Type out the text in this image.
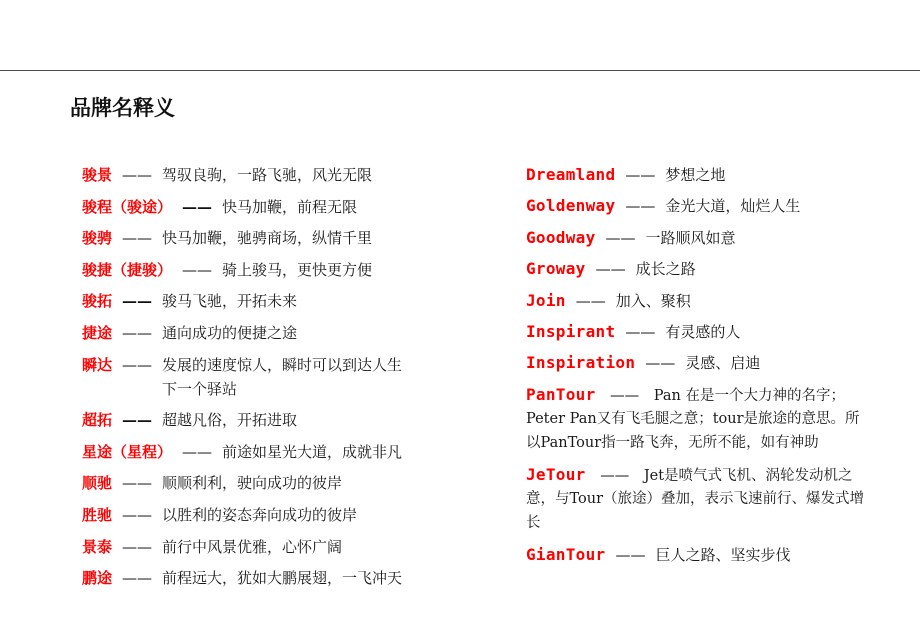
品牌名释义
骏景 —— 驾驭良驹，一路飞驰，风光无限
骏程（骏途） —— 快马加鞭，前程无限
骏骋 —— 快马加鞭，驰骋商场，纵情千里
骏捷（捷骏） —— 骑上骏马，更快更方便
骏拓 —— 骏马飞驰，开拓未来
捷途 —— 通向成功的便捷之途
瞬达 —— 发展的速度惊人，瞬时可以到达人生
下一个驿站
超拓 —— 超越凡俗，开拓进取
星途（星程） —— 前途如星光大道，成就非凡
顺驰 —— 顺顺利利，驶向成功的彼岸
胜驰 —— 以胜利的姿态奔向成功的彼岸
景泰 —— 前行中风景优雅，心怀广阔
鹏途 —— 前程远大，犹如大鹏展翅，一飞冲天
Dreamland —— 梦想之地
Goldenway —— 金光大道，灿烂人生
Goodway —— 一路顺风如意
Groway —— 成长之路
Join —— 加入、聚积
Inspirant —— 有灵感的人
Inspiration —— 灵感、启迪
PanTour —— Pan 在是一个大力神的名字；Peter Pan又有飞毛腿之意；tour是旅途的意思。所以PanTour指一路飞奔，无所不能，如有神助
JeTour —— Jet是喷气式飞机、涡轮发动机之意，与Tour（旅途）叠加，表示飞速前行、爆发式增长
GianTour —— 巨人之路、坚实步伐
